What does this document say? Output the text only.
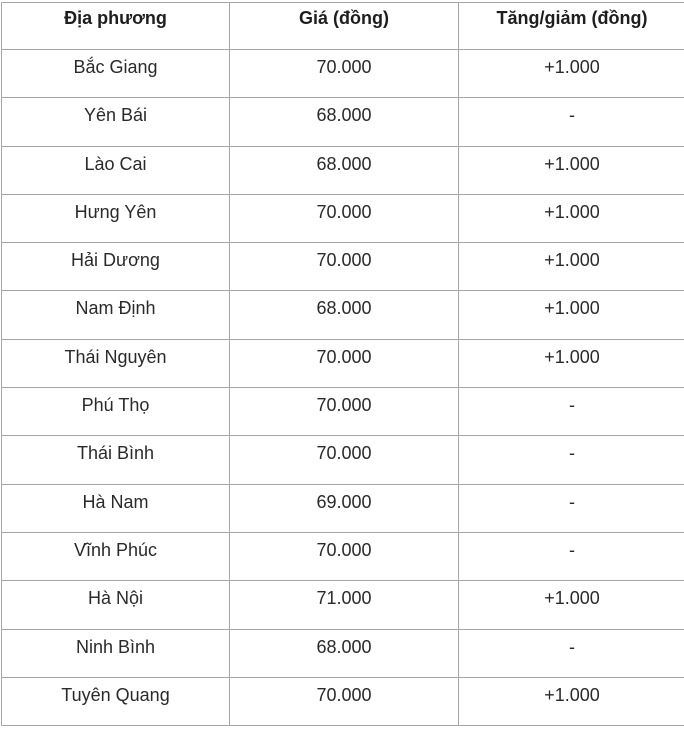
Địa phương	Giá (đồng)	Tăng/giảm (đồng)
Bắc Giang	70.000	+1.000
Yên Bái	68.000	-
Lào Cai	68.000	+1.000
Hưng Yên	70.000	+1.000
Hải Dương	70.000	+1.000
Nam Định	68.000	+1.000
Thái Nguyên	70.000	+1.000
Phú Thọ	70.000	-
Thái Bình	70.000	-
Hà Nam	69.000	-
Vĩnh Phúc	70.000	-
Hà Nội	71.000	+1.000
Ninh Bình	68.000	-
Tuyên Quang	70.000	+1.000
